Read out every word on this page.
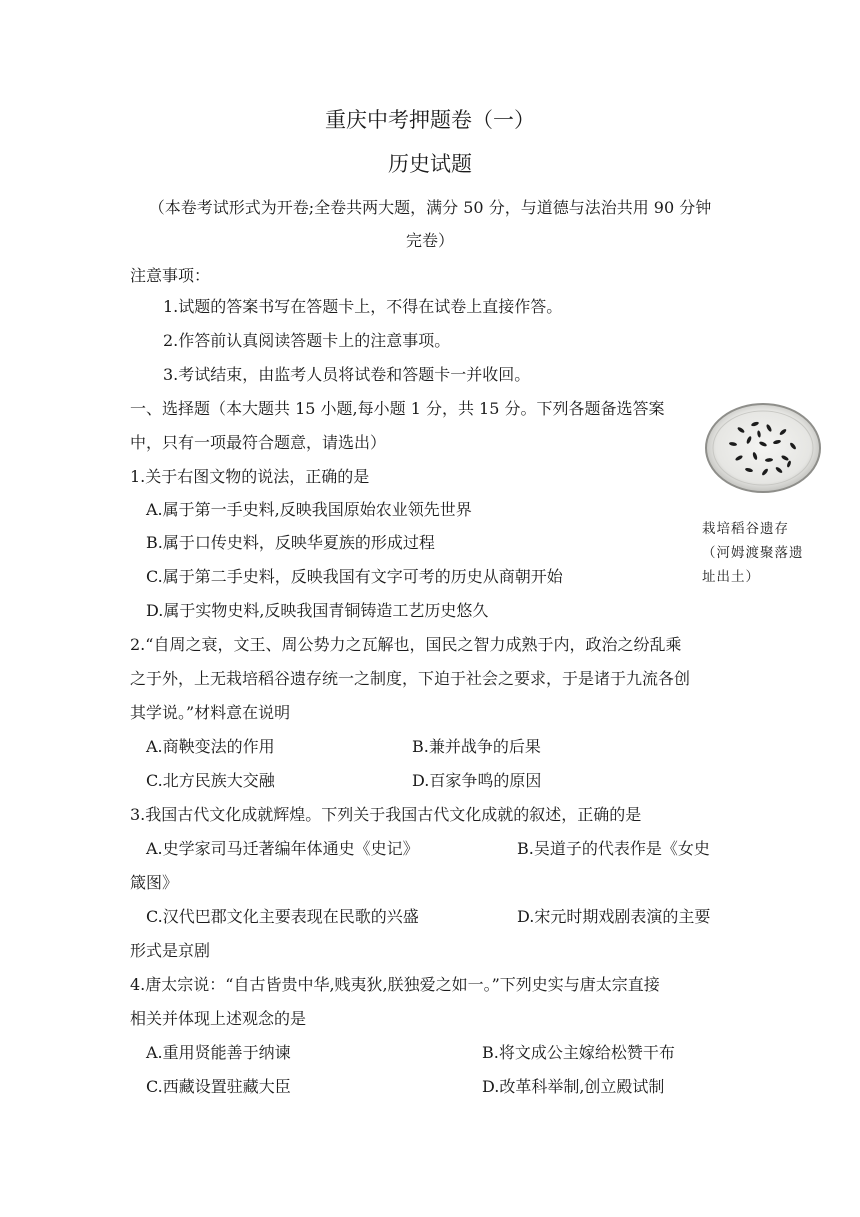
重庆中考押题卷（一）
历史试题
（本卷考试形式为开卷;全卷共两大题，满分 50 分，与道德与法治共用 90 分钟
完卷）
注意事项：
1.试题的答案书写在答题卡上，不得在试卷上直接作答。
2.作答前认真阅读答题卡上的注意事项。
3.考试结束，由监考人员将试卷和答题卡一并收回。
一、选择题（本大题共 15 小题,每小题 1 分，共 15 分。下列各题备选答案
中，只有一项最符合题意，请选出）
栽培稻谷遗存
（河姆渡聚落遗
址出土）
1.关于右图文物的说法，正确的是
A.属于第一手史料,反映我国原始农业领先世界
B.属于口传史料，反映华夏族的形成过程
C.属于第二手史料，反映我国有文字可考的历史从商朝开始
D.属于实物史料,反映我国青铜铸造工艺历史悠久
2.“自周之衰，文王、周公势力之瓦解也，国民之智力成熟于内，政治之纷乱乘
之于外，上无栽培稻谷遗存统一之制度，下迫于社会之要求，于是诸于九流各创
其学说。”材料意在说明
A.商鞅变法的作用	B.兼并战争的后果
C.北方民族大交融	D.百家争鸣的原因
3.我国古代文化成就辉煌。下列关于我国古代文化成就的叙述，正确的是
A.史学家司马迁著编年体通史《史记》	B.吴道子的代表作是《女史
箴图》
C.汉代巴郡文化主要表现在民歌的兴盛	D.宋元时期戏剧表演的主要
形式是京剧
4.唐太宗说：“自古皆贵中华,贱夷狄,朕独爱之如一。”下列史实与唐太宗直接
相关并体现上述观念的是
A.重用贤能善于纳谏	B.将文成公主嫁给松赞干布
C.西藏设置驻藏大臣	D.改革科举制,创立殿试制
